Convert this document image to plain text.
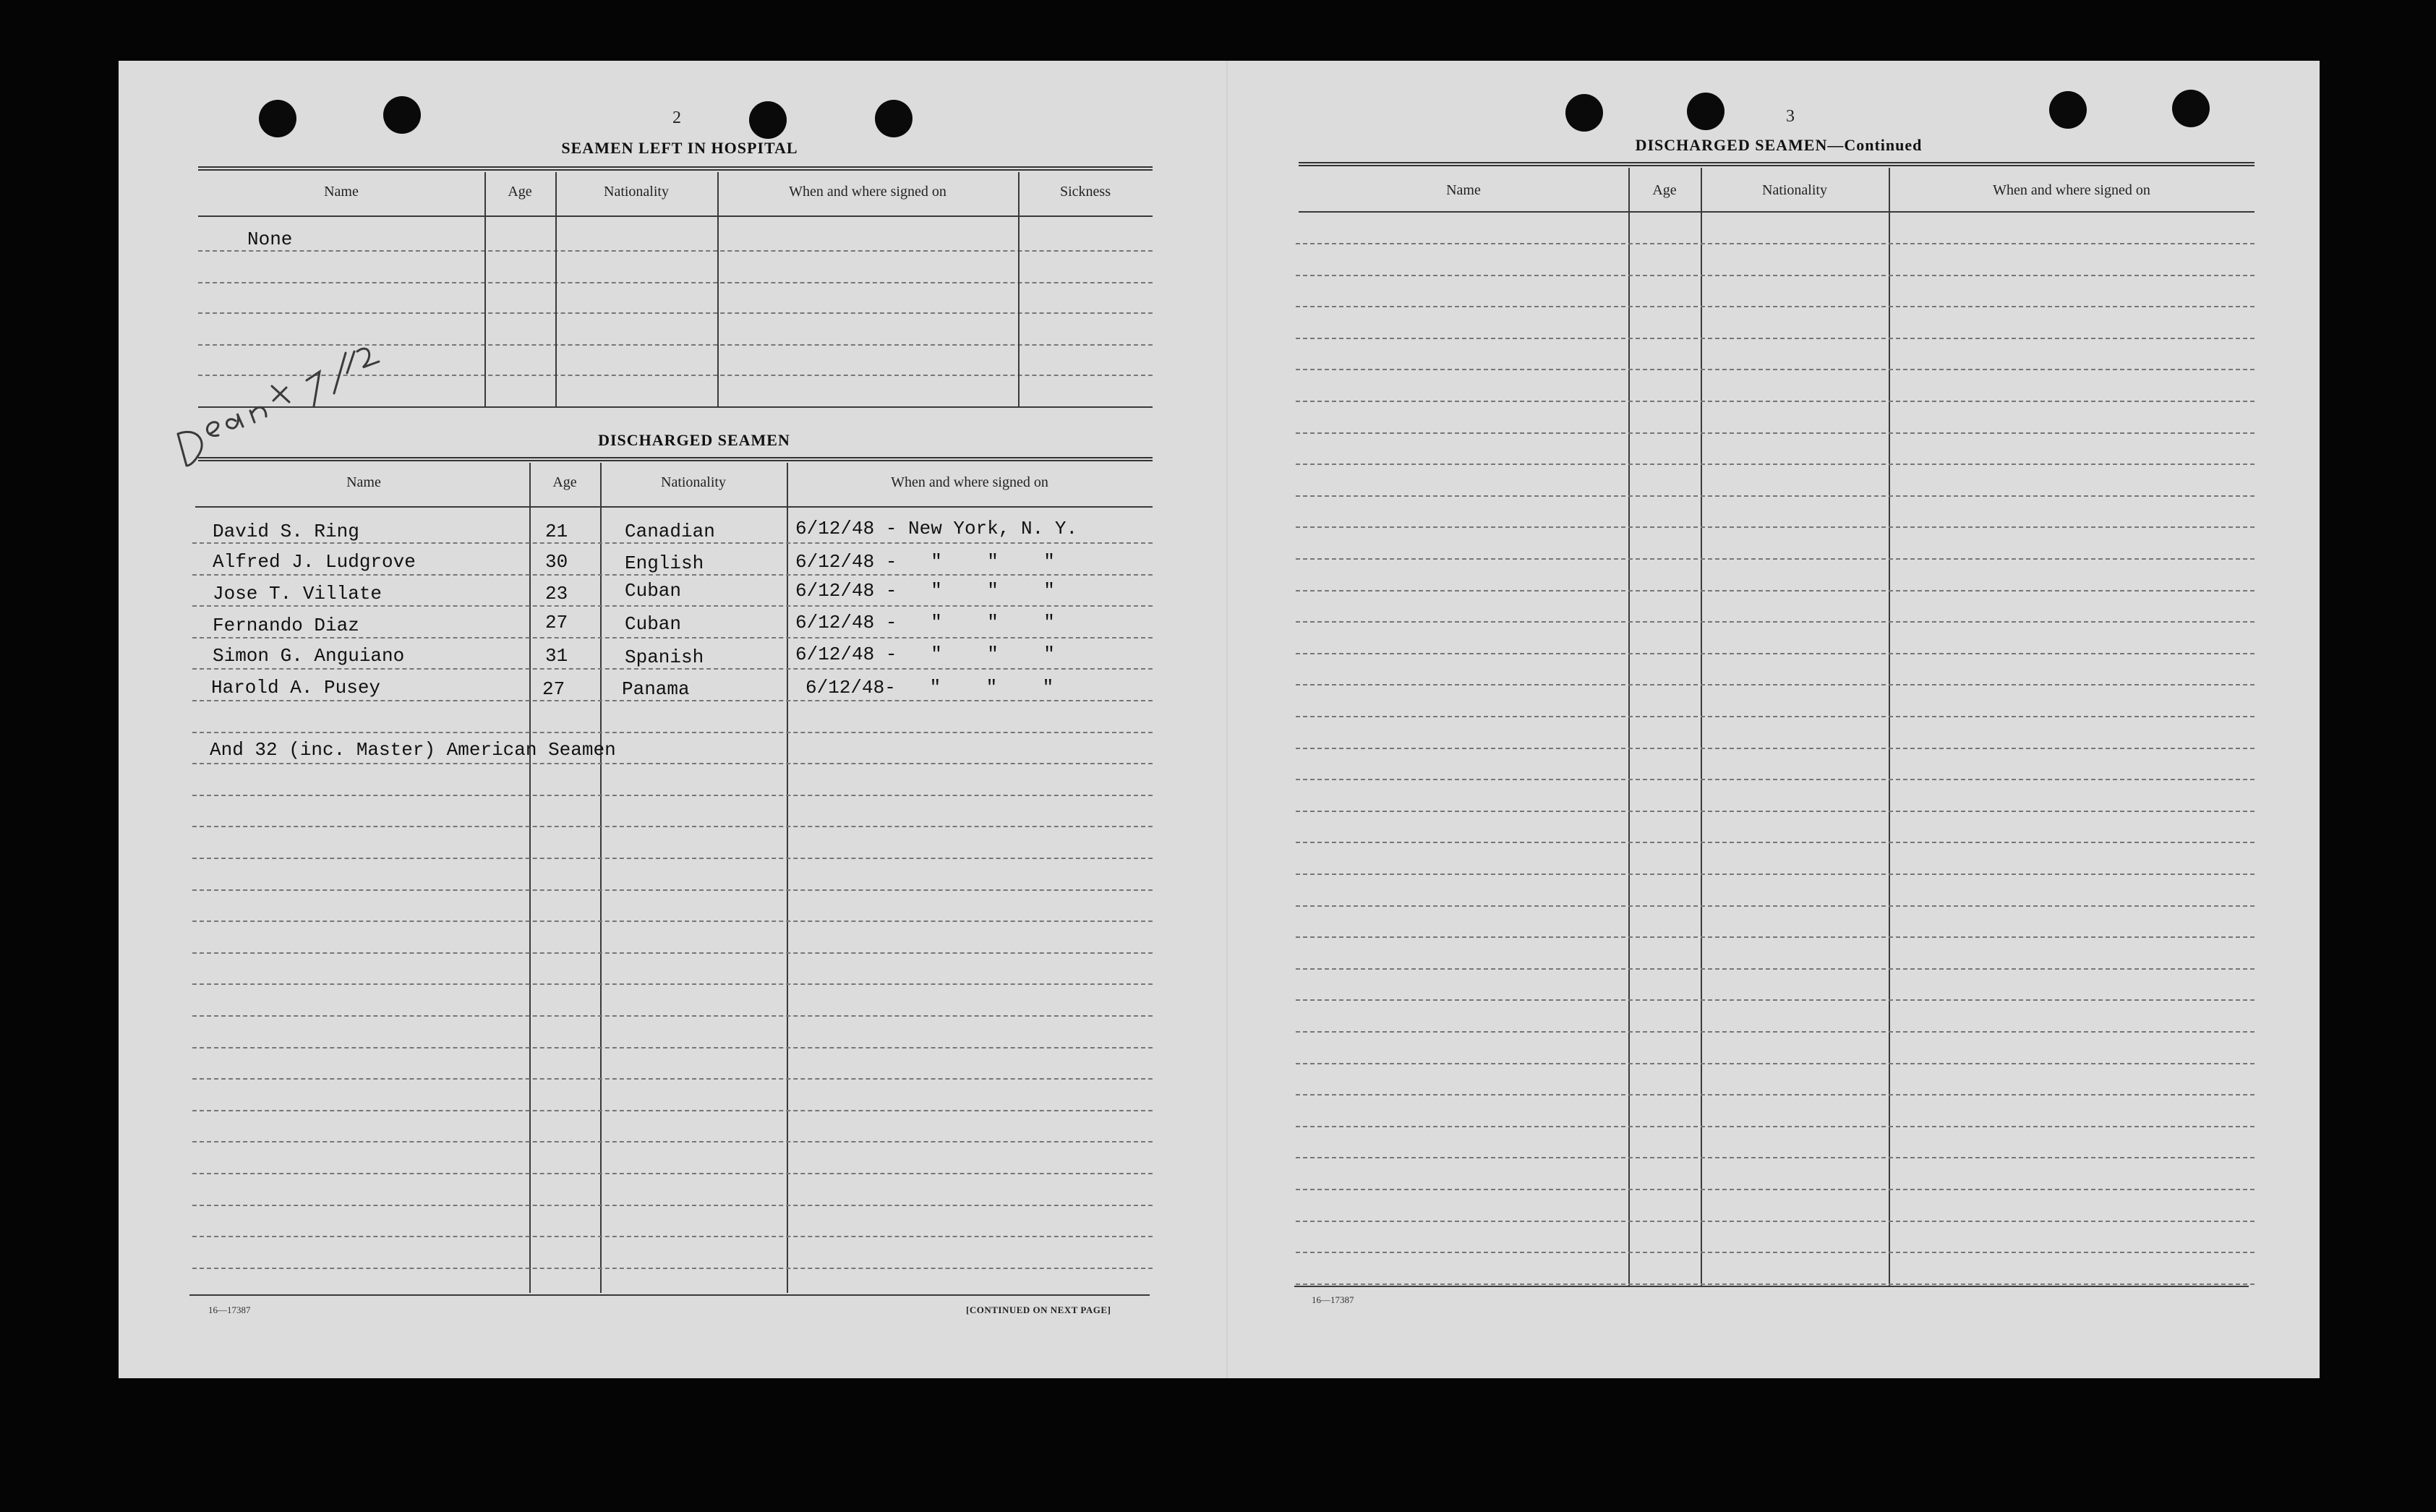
2
SEAMEN LEFT IN HOSPITAL
Name	Age	Nationality	When and where signed on	Sickness
None
DISCHARGED SEAMEN
Name	Age	Nationality	When and where signed on
David S. Ring	21	Canadian	6/12/48 - New York, N. Y.
Alfred J. Ludgrove	30	English	6/12/48 -   "    "    "
Jose T. Villate	23	Cuban	6/12/48 -   "    "    "
Fernando Diaz	27	Cuban	6/12/48 -   "    "    "
Simon G. Anguiano	31	Spanish	6/12/48 -   "    "    "
Harold A. Pusey	27	Panama	6/12/48-   "    "    "
And 32 (inc. Master) American Seamen
16—17387	[CONTINUED ON NEXT PAGE]
3
DISCHARGED SEAMEN—Continued
Name	Age	Nationality	When and where signed on
16—17387
